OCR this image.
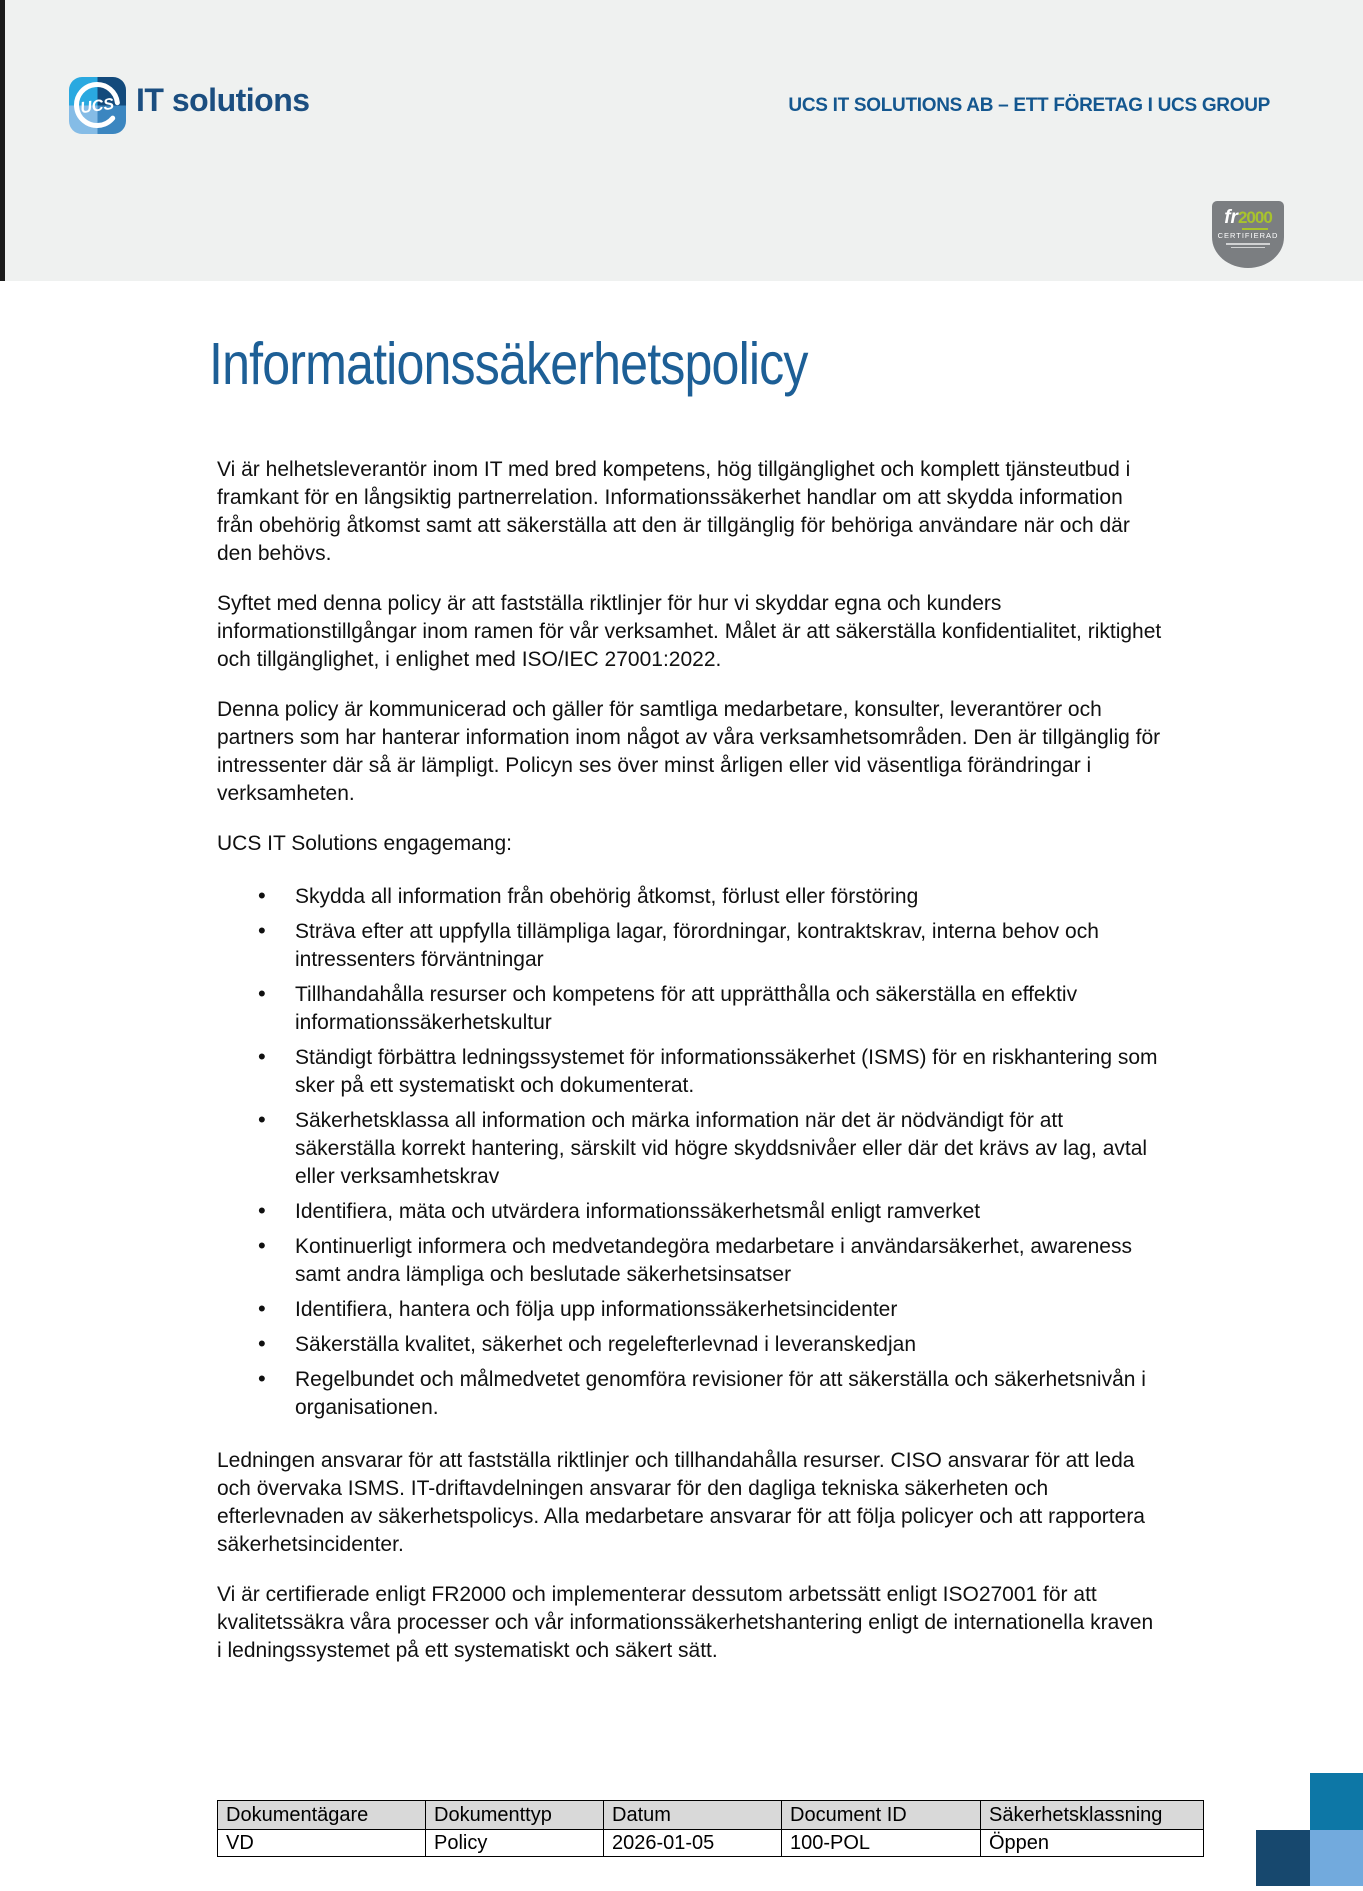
UCS IT solutions	UCS IT SOLUTIONS AB – ETT FÖRETAG I UCS GROUP
fr2000
CERTIFIERAD
Informationssäkerhetspolicy

Vi är helhetsleverantör inom IT med bred kompetens, hög tillgänglighet och komplett tjänsteutbud i framkant för en långsiktig partnerrelation. Informationssäkerhet handlar om att skydda information från obehörig åtkomst samt att säkerställa att den är tillgänglig för behöriga användare när och där den behövs.

Syftet med denna policy är att fastställa riktlinjer för hur vi skyddar egna och kunders informationstillgångar inom ramen för vår verksamhet. Målet är att säkerställa konfidentialitet, riktighet och tillgänglighet, i enlighet med ISO/IEC 27001:2022.

Denna policy är kommunicerad och gäller för samtliga medarbetare, konsulter, leverantörer och partners som har hanterar information inom något av våra verksamhetsområden. Den är tillgänglig för intressenter där så är lämpligt. Policyn ses över minst årligen eller vid väsentliga förändringar i verksamheten.

UCS IT Solutions engagemang:

• Skydda all information från obehörig åtkomst, förlust eller förstöring
• Sträva efter att uppfylla tillämpliga lagar, förordningar, kontraktskrav, interna behov och intressenters förväntningar
• Tillhandahålla resurser och kompetens för att upprätthålla och säkerställa en effektiv informationssäkerhetskultur
• Ständigt förbättra ledningssystemet för informationssäkerhet (ISMS) för en riskhantering som sker på ett systematiskt och dokumenterat.
• Säkerhetsklassa all information och märka information när det är nödvändigt för att säkerställa korrekt hantering, särskilt vid högre skyddsnivåer eller där det krävs av lag, avtal eller verksamhetskrav
• Identifiera, mäta och utvärdera informationssäkerhetsmål enligt ramverket
• Kontinuerligt informera och medvetandegöra medarbetare i användarsäkerhet, awareness samt andra lämpliga och beslutade säkerhetsinsatser
• Identifiera, hantera och följa upp informationssäkerhetsincidenter
• Säkerställa kvalitet, säkerhet och regelefterlevnad i leveranskedjan
• Regelbundet och målmedvetet genomföra revisioner för att säkerställa och säkerhetsnivån i organisationen.

Ledningen ansvarar för att fastställa riktlinjer och tillhandahålla resurser. CISO ansvarar för att leda och övervaka ISMS. IT-driftavdelningen ansvarar för den dagliga tekniska säkerheten och efterlevnaden av säkerhetspolicys. Alla medarbetare ansvarar för att följa policyer och att rapportera säkerhetsincidenter.

Vi är certifierade enligt FR2000 och implementerar dessutom arbetssätt enligt ISO27001 för att kvalitetssäkra våra processer och vår informationssäkerhetshantering enligt de internationella kraven i ledningssystemet på ett systematiskt och säkert sätt.

Dokumentägare	Dokumenttyp	Datum	Document ID	Säkerhetsklassning
VD	Policy	2026-01-05	100-POL	Öppen
